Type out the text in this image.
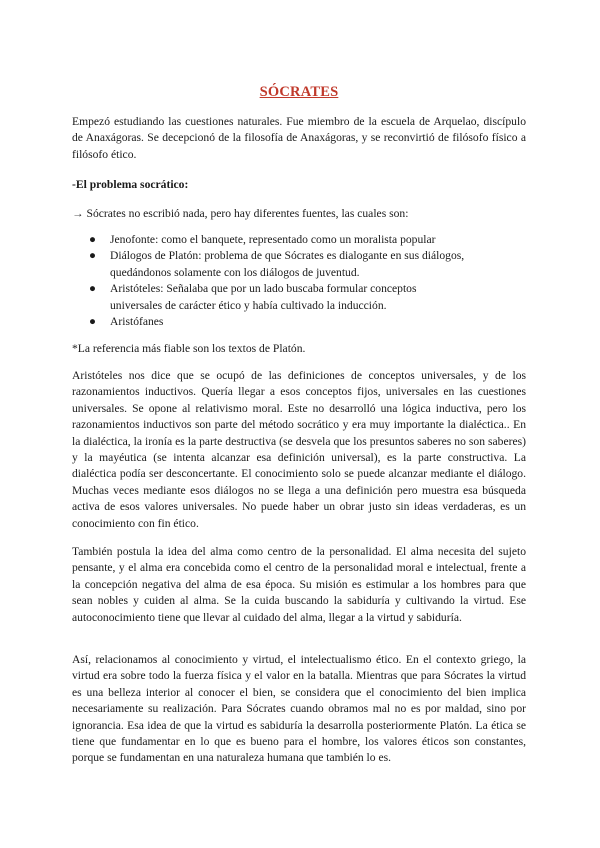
SÓCRATES

Empezó estudiando las cuestiones naturales. Fue miembro de la escuela de Arquelao, discípulo de Anaxágoras. Se decepcionó de la filosofía de Anaxágoras, y se reconvirtió de filósofo físico a filósofo ético.

-El problema socrático:

→ Sócrates no escribió nada, pero hay diferentes fuentes, las cuales son:

● Jenofonte: como el banquete, representado como un moralista popular
● Diálogos de Platón: problema de que Sócrates es dialogante en sus diálogos, quedándonos solamente con los diálogos de juventud.
● Aristóteles: Señalaba que por un lado buscaba formular conceptos universales de carácter ético y había cultivado la inducción.
● Aristófanes

*La referencia más fiable son los textos de Platón.

Aristóteles nos dice que se ocupó de las definiciones de conceptos universales, y de los razonamientos inductivos. Quería llegar a esos conceptos fijos, universales en las cuestiones universales. Se opone al relativismo moral. Este no desarrolló una lógica inductiva, pero los razonamientos inductivos son parte del método socrático y era muy importante la dialéctica.. En la dialéctica, la ironía es la parte destructiva (se desvela que los presuntos saberes no son saberes) y la mayéutica (se intenta alcanzar esa definición universal), es la parte constructiva. La dialéctica podía ser desconcertante. El conocimiento solo se puede alcanzar mediante el diálogo. Muchas veces mediante esos diálogos no se llega a una definición pero muestra esa búsqueda activa de esos valores universales. No puede haber un obrar justo sin ideas verdaderas, es un conocimiento con fin ético.

También postula la idea del alma como centro de la personalidad. El alma necesita del sujeto pensante, y el alma era concebida como el centro de la personalidad moral e intelectual, frente a la concepción negativa del alma de esa época. Su misión es estimular a los hombres para que sean nobles y cuiden al alma. Se la cuida buscando la sabiduría y cultivando la virtud. Ese autoconocimiento tiene que llevar al cuidado del alma, llegar a la virtud y sabiduría.

Así, relacionamos al conocimiento y virtud, el intelectualismo ético. En el contexto griego, la virtud era sobre todo la fuerza física y el valor en la batalla. Mientras que para Sócrates la virtud es una belleza interior al conocer el bien, se considera que el conocimiento del bien implica necesariamente su realización. Para Sócrates cuando obramos mal no es por maldad, sino por ignorancia. Esa idea de que la virtud es sabiduría la desarrolla posteriormente Platón. La ética se tiene que fundamentar en lo que es bueno para el hombre, los valores éticos son constantes, porque se fundamentan en una naturaleza humana que también lo es.
